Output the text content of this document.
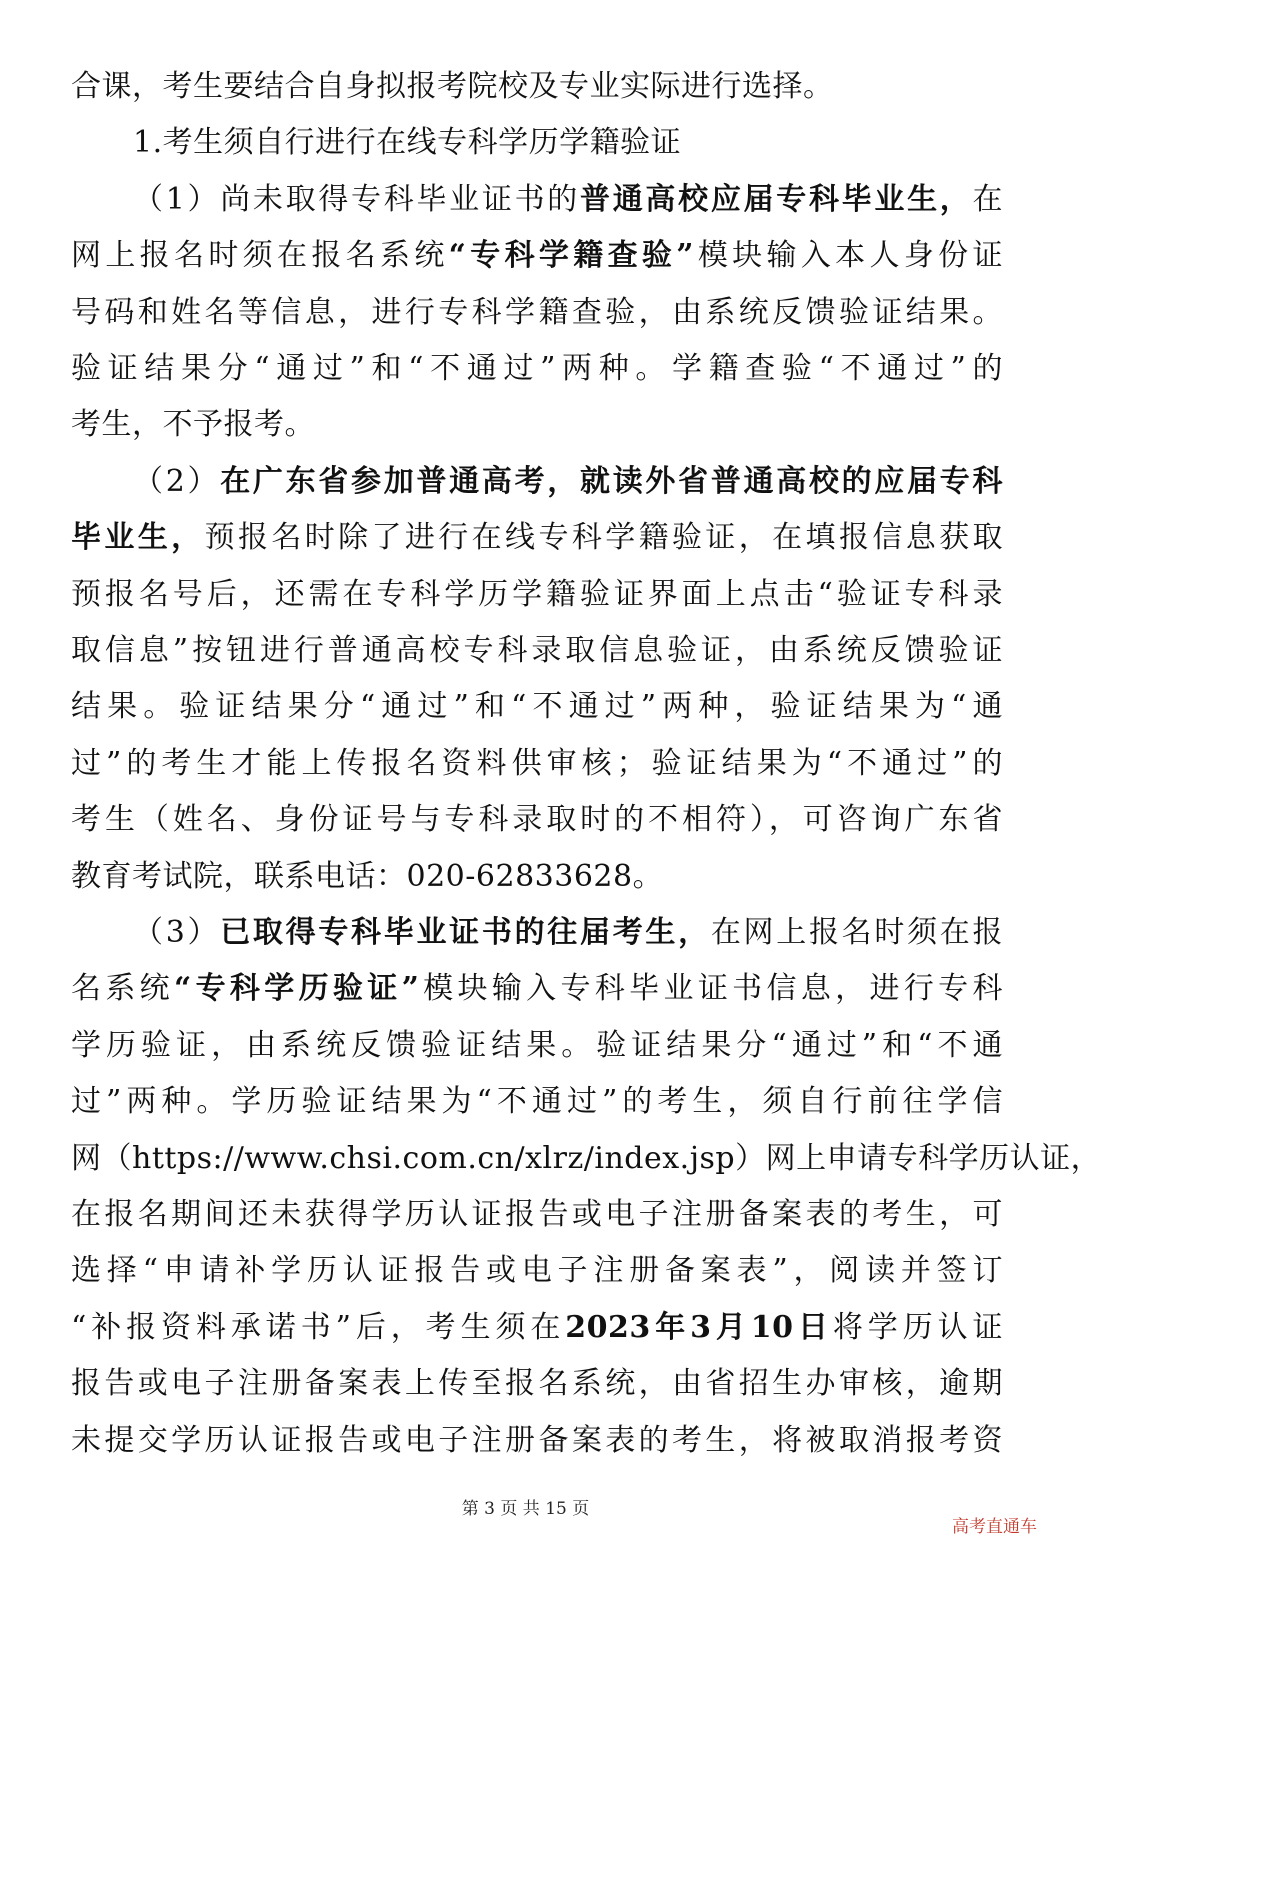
合课，考生要结合自身拟报考院校及专业实际进行选择。
1.考生须自行进行在线专科学历学籍验证
（1）尚未取得专科毕业证书的普通高校应届专科毕业生，在
网上报名时须在报名系统“专科学籍查验”模块输入本人身份证
号码和姓名等信息，进行专科学籍查验，由系统反馈验证结果。
验证结果分“通过”和“不通过”两种。学籍查验“不通过”的
考生，不予报考。
（2）在广东省参加普通高考，就读外省普通高校的应届专科
毕业生，预报名时除了进行在线专科学籍验证，在填报信息获取
预报名号后，还需在专科学历学籍验证界面上点击“验证专科录
取信息”按钮进行普通高校专科录取信息验证，由系统反馈验证
结果。验证结果分“通过”和“不通过”两种，验证结果为“通
过”的考生才能上传报名资料供审核；验证结果为“不通过”的
考生（姓名、身份证号与专科录取时的不相符），可咨询广东省
教育考试院，联系电话：020-62833628。
（3）已取得专科毕业证书的往届考生，在网上报名时须在报
名系统“专科学历验证”模块输入专科毕业证书信息，进行专科
学历验证，由系统反馈验证结果。验证结果分“通过”和“不通
过”两种。学历验证结果为“不通过”的考生，须自行前往学信
网（https://www.chsi.com.cn/xlrz/index.jsp）网上申请专科学历认证，
在报名期间还未获得学历认证报告或电子注册备案表的考生，可
选择“申请补学历认证报告或电子注册备案表”，阅读并签订
“补报资料承诺书”后，考生须在2023年3月10日将学历认证
报告或电子注册备案表上传至报名系统，由省招生办审核，逾期
未提交学历认证报告或电子注册备案表的考生，将被取消报考资
第 3 页 共 15 页
高考直通车
